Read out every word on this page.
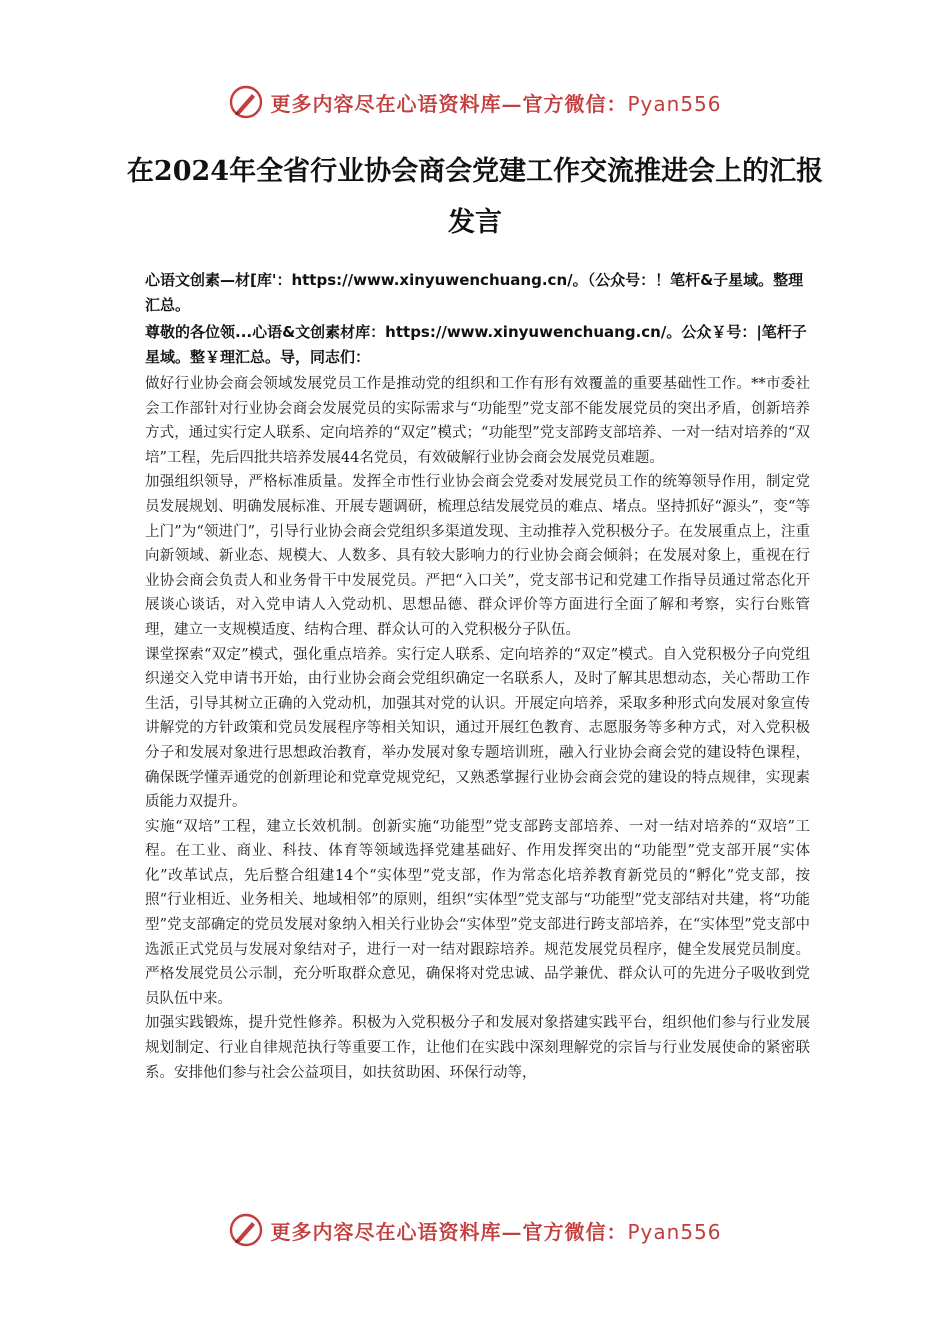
更多内容尽在心语资料库—官方微信：Pyan556
在2024年全省行业协会商会党建工作交流推进会上的汇报发言

心语文创素—材[库'：https://www.xinyuwenchuang.cn/。（公众号：！笔杆&子星域。整理汇总。

尊敬的各位领...心语&文创素材库：https://www.xinyuwenchuang.cn/。公众￥号：|笔杆子星域。整￥理汇总。导，同志们：

做好行业协会商会领域发展党员工作是推动党的组织和工作有形有效覆盖的重要基础性工作。**市委社会工作部针对行业协会商会发展党员的实际需求与“功能型”党支部不能发展党员的突出矛盾，创新培养方式，通过实行定人联系、定向培养的“双定”模式；“功能型”党支部跨支部培养、一对一结对培养的“双培”工程，先后四批共培养发展44名党员，有效破解行业协会商会发展党员难题。

加强组织领导，严格标准质量。发挥全市性行业协会商会党委对发展党员工作的统筹领导作用，制定党员发展规划、明确发展标准、开展专题调研，梳理总结发展党员的难点、堵点。坚持抓好“源头”，变“等上门”为“领进门”，引导行业协会商会党组织多渠道发现、主动推荐入党积极分子。在发展重点上，注重向新领域、新业态、规模大、人数多、具有较大影响力的行业协会商会倾斜；在发展对象上，重视在行业协会商会负责人和业务骨干中发展党员。严把“入口关”，党支部书记和党建工作指导员通过常态化开展谈心谈话，对入党申请人入党动机、思想品德、群众评价等方面进行全面了解和考察，实行台账管理，建立一支规模适度、结构合理、群众认可的入党积极分子队伍。

课堂探索“双定”模式，强化重点培养。实行定人联系、定向培养的“双定”模式。自入党积极分子向党组织递交入党申请书开始，由行业协会商会党组织确定一名联系人，及时了解其思想动态，关心帮助工作生活，引导其树立正确的入党动机，加强其对党的认识。开展定向培养，采取多种形式向发展对象宣传讲解党的方针政策和党员发展程序等相关知识，通过开展红色教育、志愿服务等多种方式，对入党积极分子和发展对象进行思想政治教育，举办发展对象专题培训班，融入行业协会商会党的建设特色课程，确保既学懂弄通党的创新理论和党章党规党纪，又熟悉掌握行业协会商会党的建设的特点规律，实现素质能力双提升。

实施“双培”工程，建立长效机制。创新实施“功能型”党支部跨支部培养、一对一结对培养的“双培”工程。在工业、商业、科技、体育等领域选择党建基础好、作用发挥突出的“功能型”党支部开展“实体化”改革试点，先后整合组建14个“实体型”党支部，作为常态化培养教育新党员的“孵化”党支部，按照“行业相近、业务相关、地域相邻”的原则，组织“实体型”党支部与“功能型”党支部结对共建，将“功能型”党支部确定的党员发展对象纳入相关行业协会“实体型”党支部进行跨支部培养，在“实体型”党支部中选派正式党员与发展对象结对子，进行一对一结对跟踪培养。规范发展党员程序，健全发展党员制度。严格发展党员公示制，充分听取群众意见，确保将对党忠诚、品学兼优、群众认可的先进分子吸收到党员队伍中来。

加强实践锻炼，提升党性修养。积极为入党积极分子和发展对象搭建实践平台，组织他们参与行业发展规划制定、行业自律规范执行等重要工作，让他们在实践中深刻理解党的宗旨与行业发展使命的紧密联系。安排他们参与社会公益项目，如扶贫助困、环保行动等，

更多内容尽在心语资料库—官方微信：Pyan556
